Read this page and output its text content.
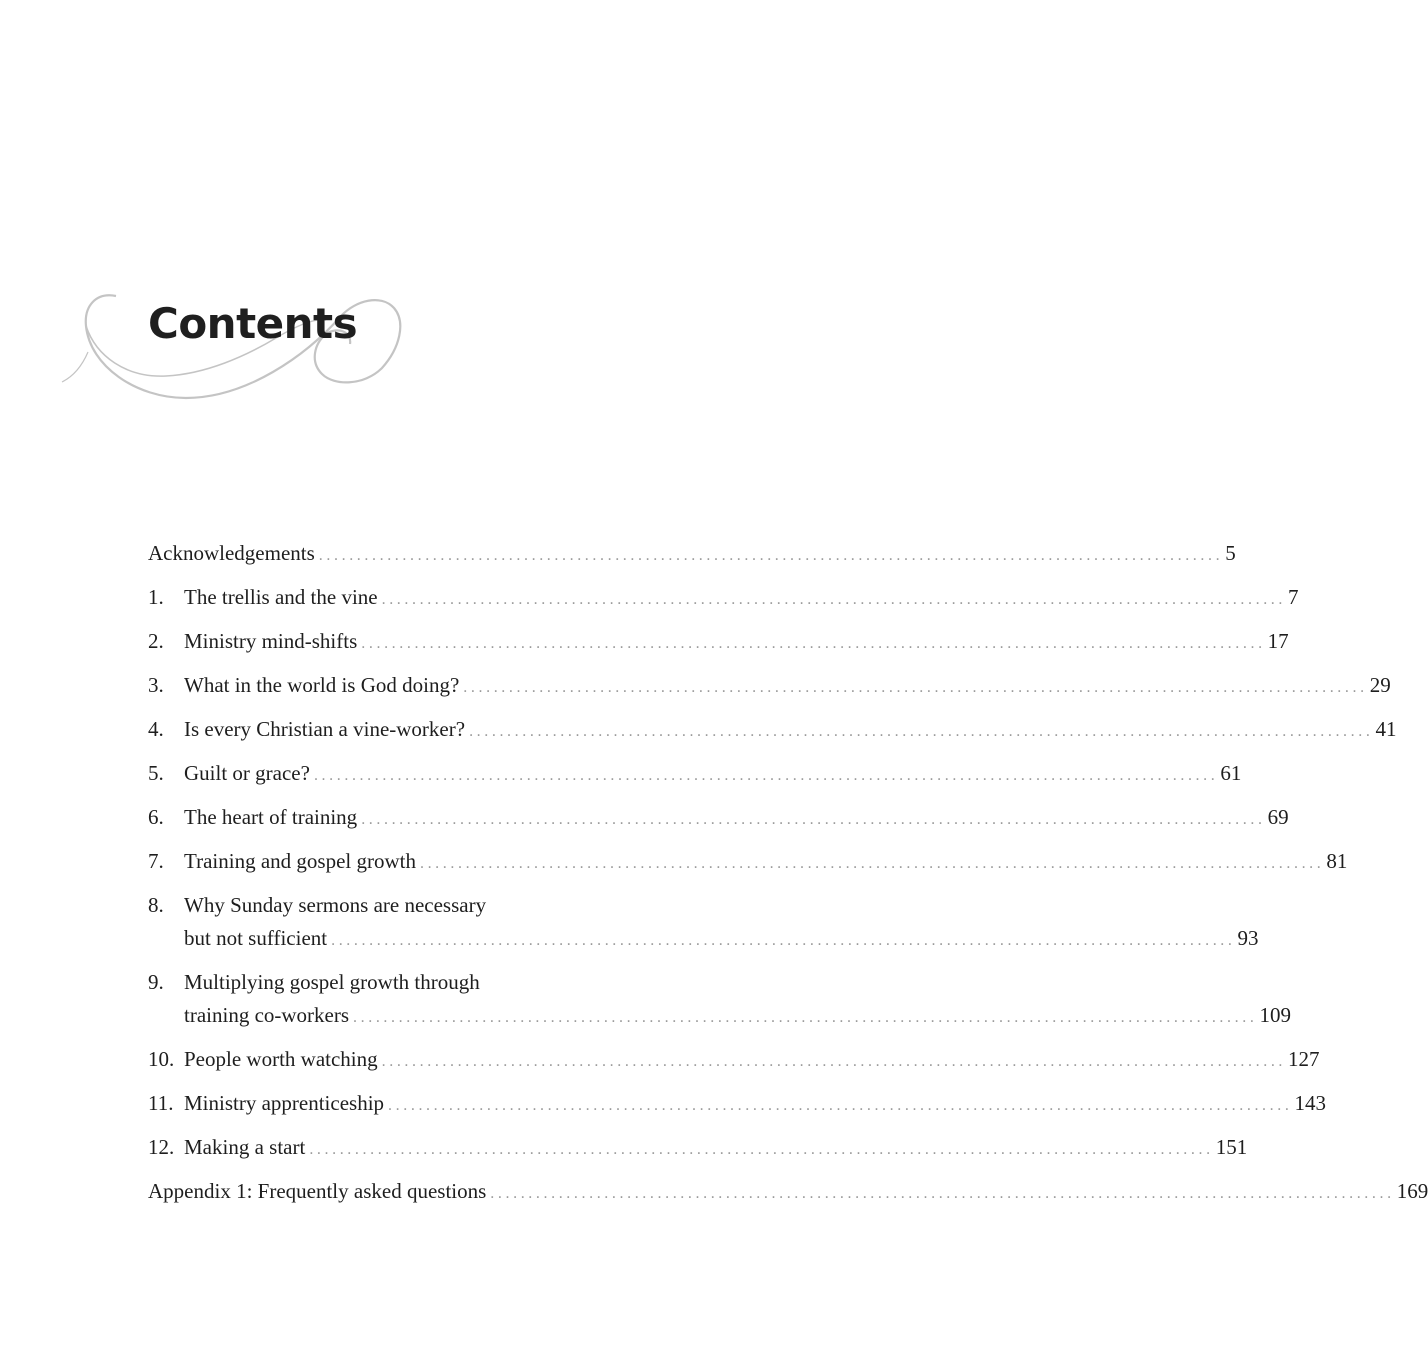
Contents
Acknowledgements ....................................................................................................................... 5
1. The trellis and the vine ....................................................................................................................... 7
2. Ministry mind-shifts ....................................................................................................................... 17
3. What in the world is God doing? ....................................................................................................................... 29
4. Is every Christian a vine-worker? ....................................................................................................................... 41
5. Guilt or grace? ....................................................................................................................... 61
6. The heart of training ....................................................................................................................... 69
7. Training and gospel growth ....................................................................................................................... 81
8. Why Sunday sermons are necessary
but not sufficient ....................................................................................................................... 93
9. Multiplying gospel growth through
training co-workers ....................................................................................................................... 109
10. People worth watching ....................................................................................................................... 127
11. Ministry apprenticeship ....................................................................................................................... 143
12. Making a start ....................................................................................................................... 151
Appendix 1: Frequently asked questions ....................................................................................................................... 169
